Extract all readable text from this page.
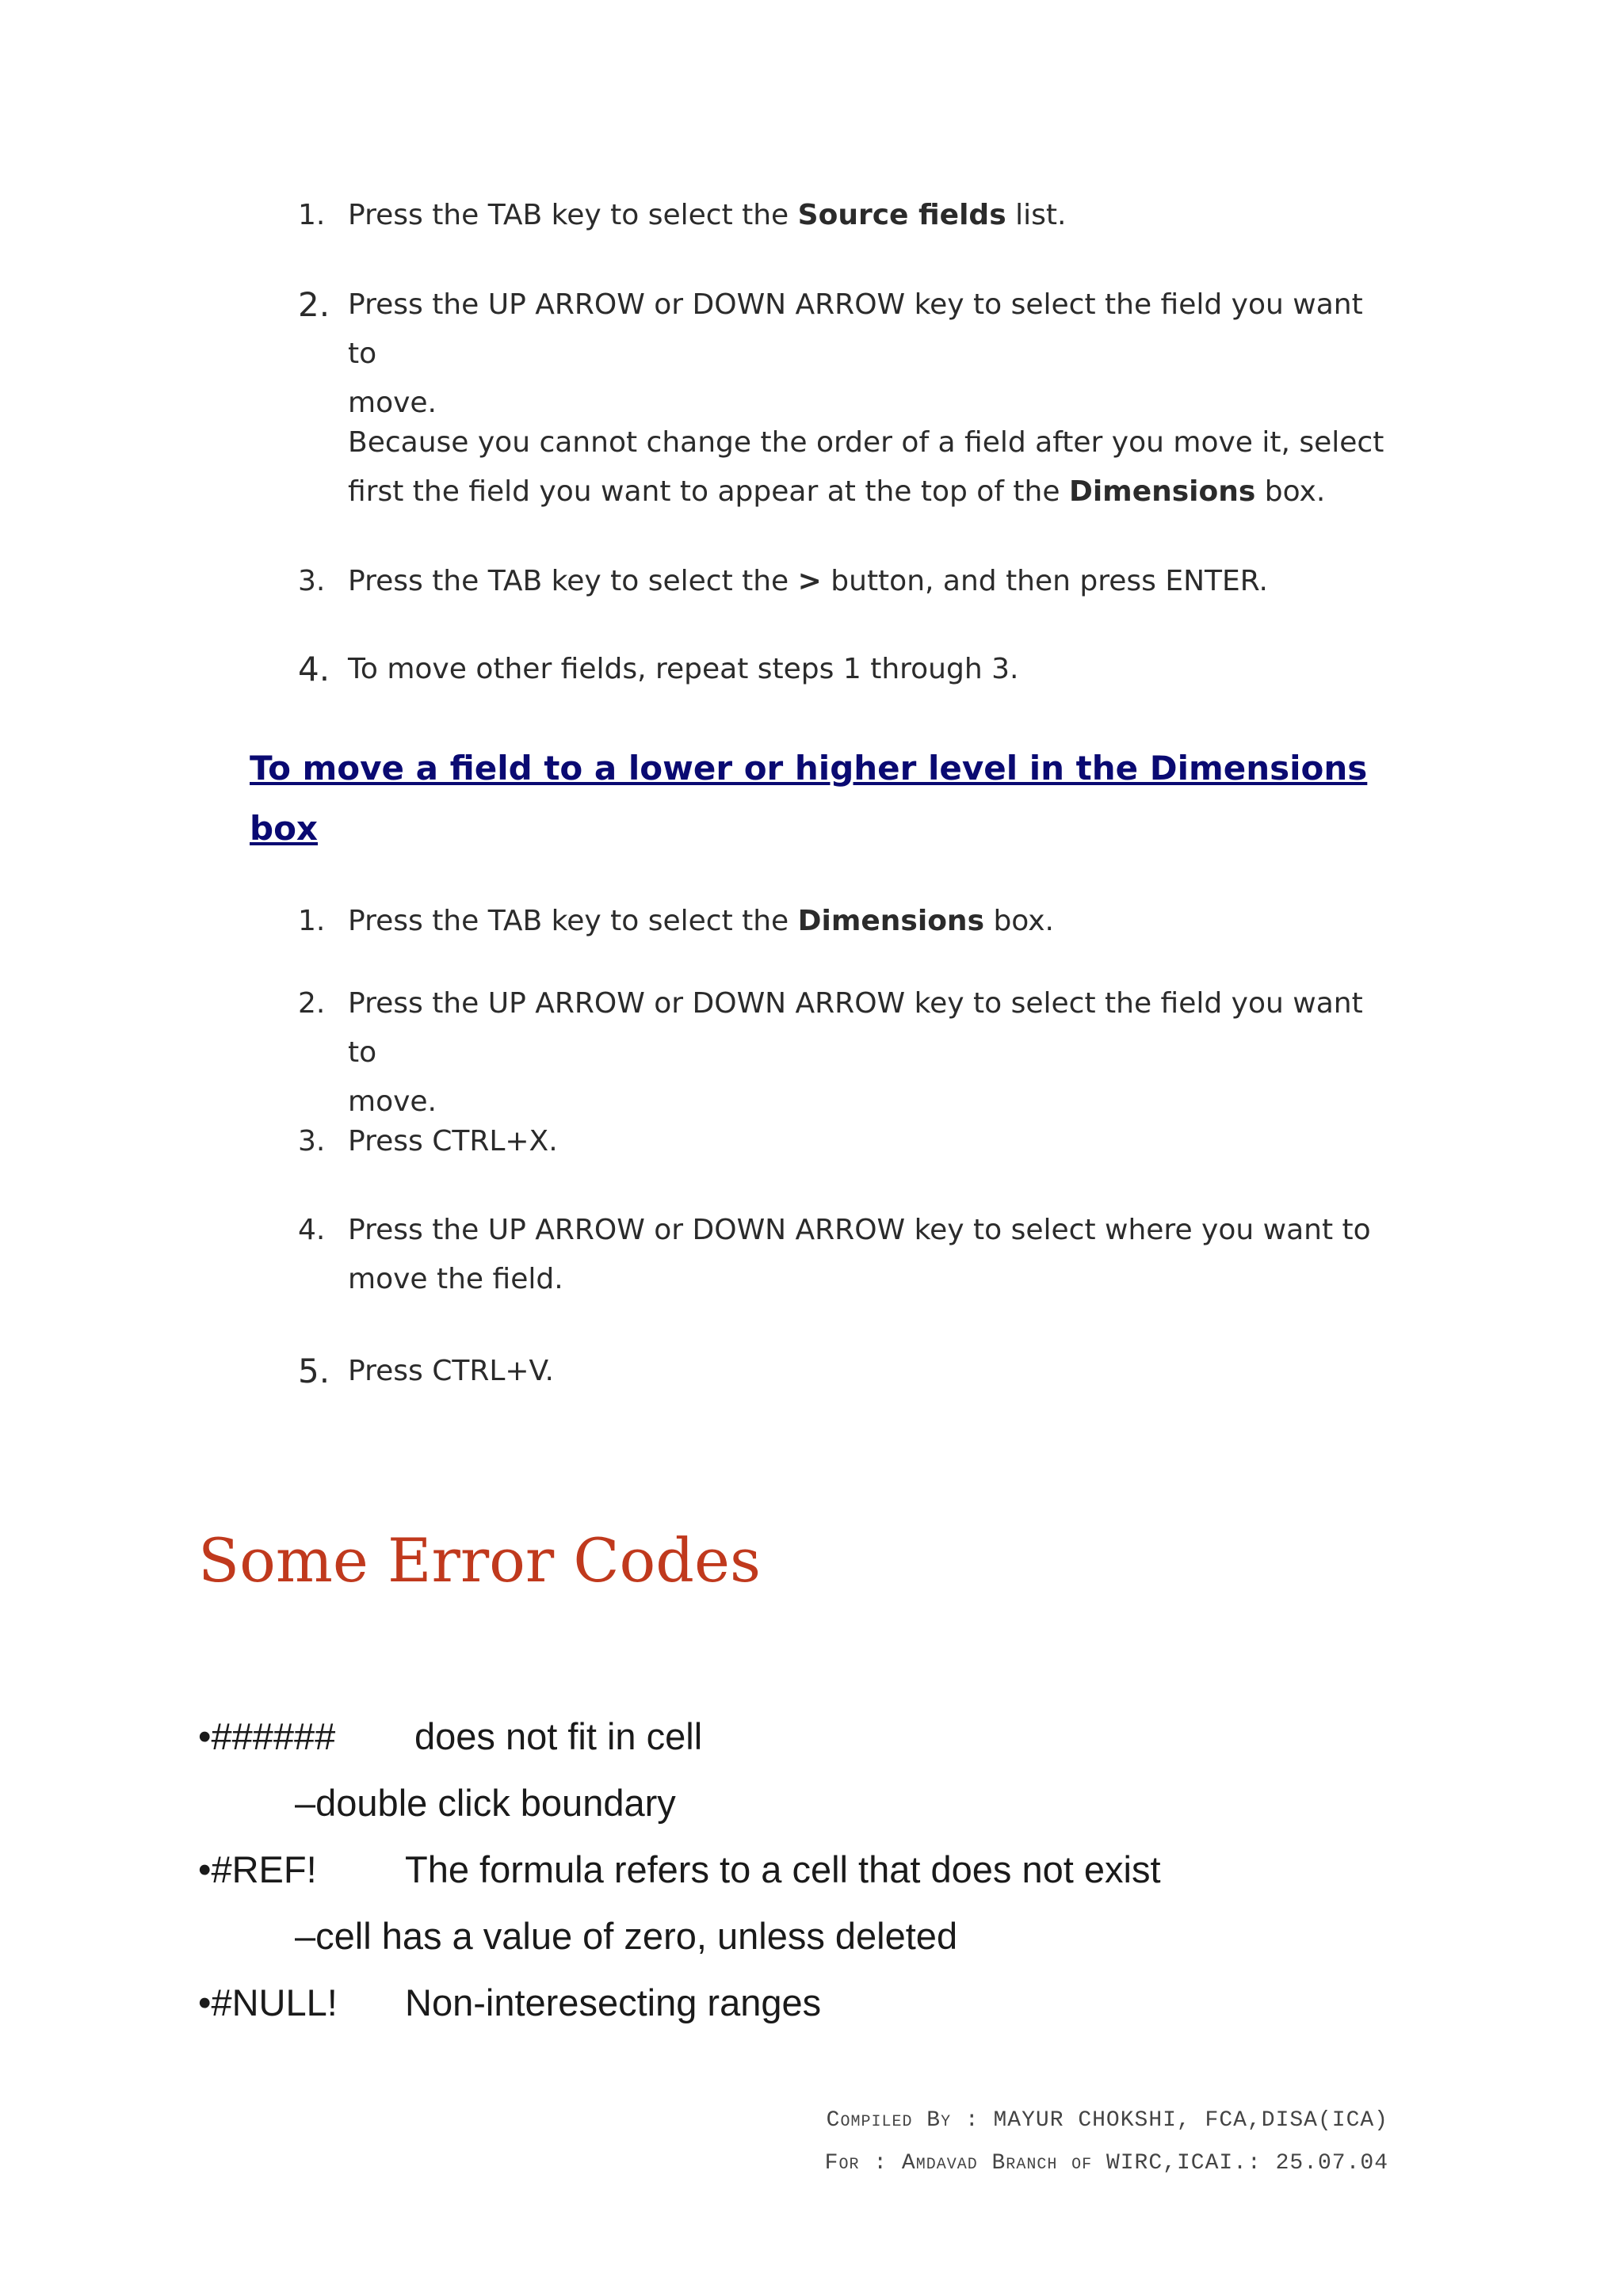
1. Press the TAB key to select the Source fields list.
2. Press the UP ARROW or DOWN ARROW key to select the field you want to
move.
Because you cannot change the order of a field after you move it, select
first the field you want to appear at the top of the Dimensions box.
3. Press the TAB key to select the > button, and then press ENTER.
4. To move other fields, repeat steps 1 through 3.
To move a field to a lower or higher level in the Dimensions
box
1. Press the TAB key to select the Dimensions box.
2. Press the UP ARROW or DOWN ARROW key to select the field you want to
move.
3. Press CTRL+X.
4. Press the UP ARROW or DOWN ARROW key to select where you want to
move the field.
5. Press CTRL+V.
Some Error Codes
•###### does not fit in cell
–double click boundary
•#REF! The formula refers to a cell that does not exist
–cell has a value of zero, unless deleted
•#NULL! Non-interesecting ranges
Compiled By : MAYUR CHOKSHI, FCA,DISA(ICA)
For : Amdavad Branch of WIRC,ICAI.: 25.07.04
